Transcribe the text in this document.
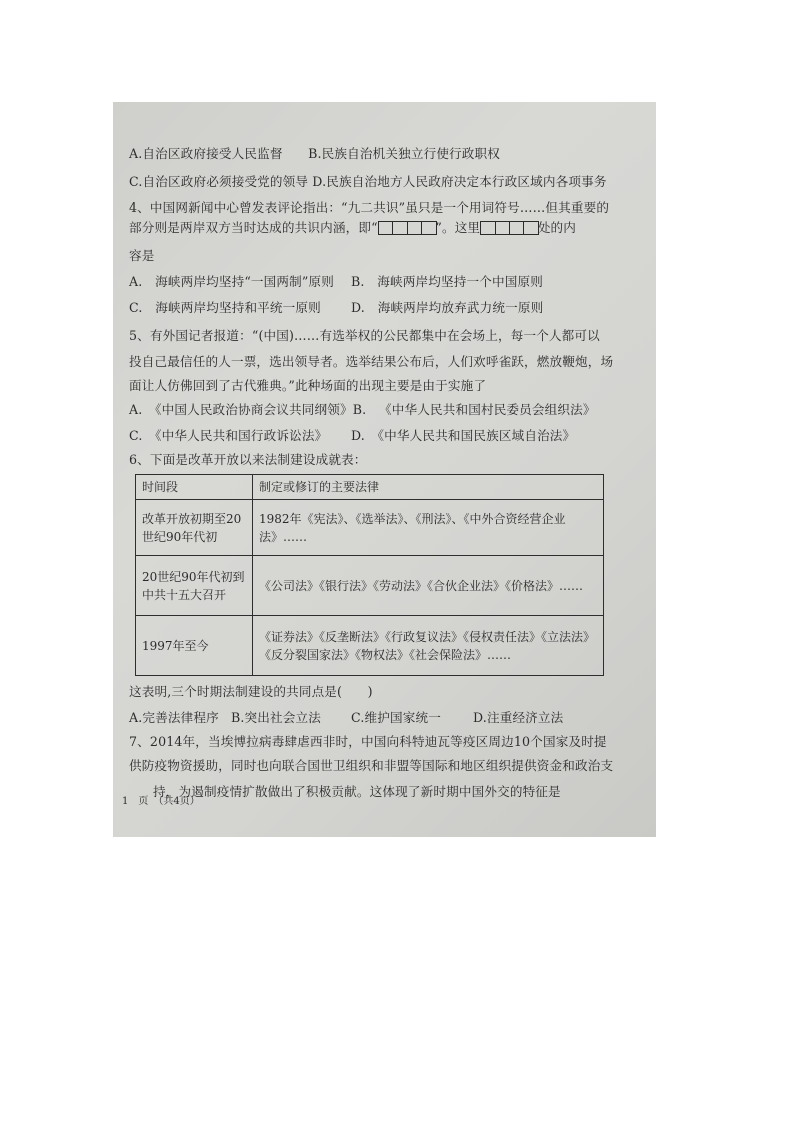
A.自治区政府接受人民监督　　B.民族自治机关独立行使行政职权
C.自治区政府必须接受党的领导 D.民族自治地方人民政府决定本行政区域内各项事务
4、中国网新闻中心曾发表评论指出：“九二共识”虽只是一个用词符号……但其重要的
部分则是两岸双方当时达成的共识内涵，即“	”。这里	处的内
容是
A.　海峡两岸均坚持“一国两制”原则 B.　海峡两岸均坚持一个中国原则
C.　海峡两岸均坚持和平统一原则 D.　海峡两岸均放弃武力统一原则
5、有外国记者报道：“(中国)……有选举权的公民都集中在会场上，每一个人都可以
投自己最信任的人一票，选出领导者。选举结果公布后，人们欢呼雀跃，燃放鞭炮，场
面让人仿佛回到了古代雅典。”此种场面的出现主要是由于实施了
A.　《中国人民政治协商会议共同纲领》B. 《中华人民共和国村民委员会组织法》
C.　《中华人民共和国行政诉讼法》 D.　《中华人民共和国民族区域自治法》
6、下面是改革开放以来法制建设成就表：
时间段	制定或修订的主要法律
改革开放初期至20世纪90年代初	1982年《宪法》、《选举法》、《刑法》、《中外合资经营企业法》……
20世纪90年代初到中共十五大召开	《公司法》《银行法》《劳动法》《合伙企业法》《价格法》……
1997年至今	《证券法》《反垄断法》《行政复议法》《侵权责任法》《立法法》《反分裂国家法》《物权法》《社会保险法》……
这表明,三个时期法制建设的共同点是(　　)
A.完善法律程序 B.突出社会立法 C.维护国家统一	D.注重经济立法
7、2014年，当埃博拉病毒肆虐西非时，中国向科特迪瓦等疫区周边10个国家及时提
供防疫物资援助，同时也向联合国世卫组织和非盟等国际和地区组织提供资金和政治支
持，为遏制疫情扩散做出了积极贡献。这体现了新时期中国外交的特征是
1　页　（共4页）
